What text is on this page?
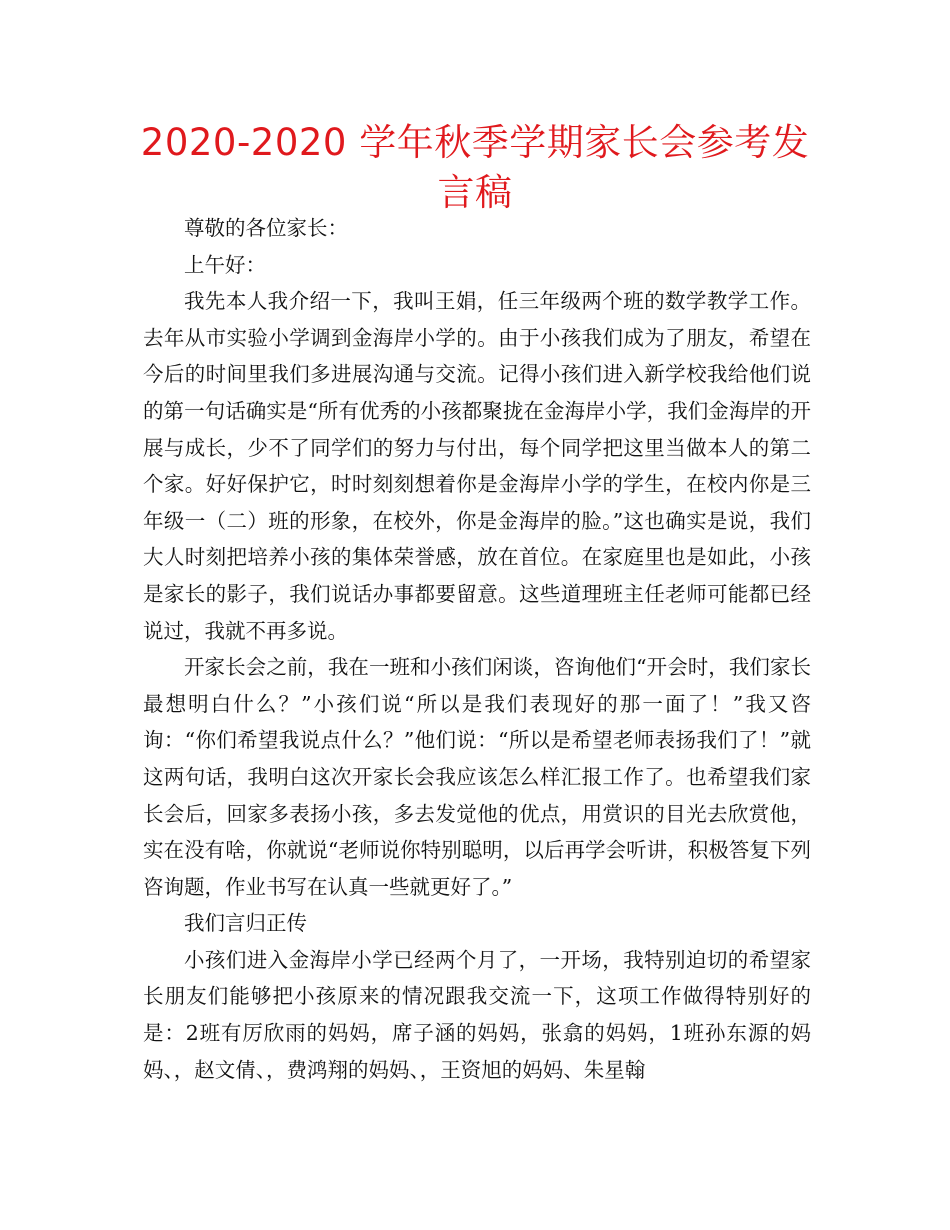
2020-2020 学年秋季学期家长会参考发言稿

尊敬的各位家长：

上午好：

我先本人我介绍一下，我叫王娟，任三年级两个班的数学教学工作。去年从市实验小学调到金海岸小学的。由于小孩我们成为了朋友，希望在今后的时间里我们多进展沟通与交流。记得小孩们进入新学校我给他们说的第一句话确实是“所有优秀的小孩都聚拢在金海岸小学，我们金海岸的开展与成长，少不了同学们的努力与付出，每个同学把这里当做本人的第二个家。好好保护它，时时刻刻想着你是金海岸小学的学生，在校内你是三年级一（二）班的形象，在校外，你是金海岸的脸。”这也确实是说，我们大人时刻把培养小孩的集体荣誉感，放在首位。在家庭里也是如此，小孩是家长的影子，我们说话办事都要留意。这些道理班主任老师可能都已经说过，我就不再多说。

开家长会之前，我在一班和小孩们闲谈，咨询他们“开会时，我们家长最想明白什么？”小孩们说“所以是我们表现好的那一面了！”我又咨询：“你们希望我说点什么？”他们说：“所以是希望老师表扬我们了！”就这两句话，我明白这次开家长会我应该怎么样汇报工作了。也希望我们家长会后，回家多表扬小孩，多去发觉他的优点，用赏识的目光去欣赏他，实在没有啥，你就说“老师说你特别聪明，以后再学会听讲，积极答复下列咨询题，作业书写在认真一些就更好了。”

我们言归正传

小孩们进入金海岸小学已经两个月了，一开场，我特别迫切的希望家长朋友们能够把小孩原来的情况跟我交流一下，这项工作做得特别好的是：2班有厉欣雨的妈妈，席子涵的妈妈，张翕的妈妈，1班孙东源的妈妈、，赵文倩、，费鸿翔的妈妈、，王资旭的妈妈、朱星翰
